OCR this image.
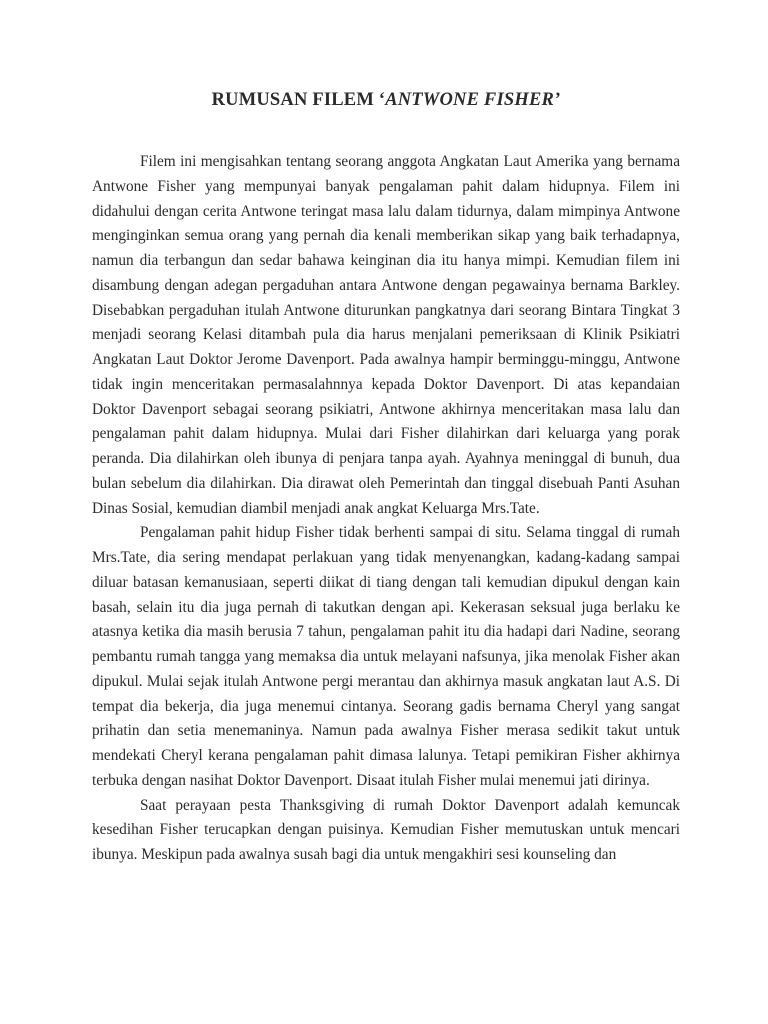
RUMUSAN FILEM ‘ANTWONE FISHER’

Filem ini mengisahkan tentang seorang anggota Angkatan Laut Amerika yang bernama Antwone Fisher yang mempunyai banyak pengalaman pahit dalam hidupnya. Filem ini didahului dengan cerita Antwone teringat masa lalu dalam tidurnya, dalam mimpinya Antwone menginginkan semua orang yang pernah dia kenali memberikan sikap yang baik terhadapnya, namun dia terbangun dan sedar bahawa keinginan dia itu hanya mimpi. Kemudian filem ini disambung dengan adegan pergaduhan antara Antwone dengan pegawainya bernama Barkley. Disebabkan pergaduhan itulah Antwone diturunkan pangkatnya dari seorang Bintara Tingkat 3 menjadi seorang Kelasi ditambah pula dia harus menjalani pemeriksaan di Klinik Psikiatri Angkatan Laut Doktor Jerome Davenport. Pada awalnya hampir berminggu-minggu, Antwone tidak ingin menceritakan permasalahnnya kepada Doktor Davenport. Di atas kepandaian Doktor Davenport sebagai seorang psikiatri, Antwone akhirnya menceritakan masa lalu dan pengalaman pahit dalam hidupnya. Mulai dari Fisher dilahirkan dari keluarga yang porak peranda. Dia dilahirkan oleh ibunya di penjara tanpa ayah. Ayahnya meninggal di bunuh, dua bulan sebelum dia dilahirkan. Dia dirawat oleh Pemerintah dan tinggal disebuah Panti Asuhan Dinas Sosial, kemudian diambil menjadi anak angkat Keluarga Mrs.Tate.

Pengalaman pahit hidup Fisher tidak berhenti sampai di situ. Selama tinggal di rumah Mrs.Tate, dia sering mendapat perlakuan yang tidak menyenangkan, kadang-kadang sampai diluar batasan kemanusiaan, seperti diikat di tiang dengan tali kemudian dipukul dengan kain basah, selain itu dia juga pernah di takutkan dengan api. Kekerasan seksual juga berlaku ke atasnya ketika dia masih berusia 7 tahun, pengalaman pahit itu dia hadapi dari Nadine, seorang pembantu rumah tangga yang memaksa dia untuk melayani nafsunya, jika menolak Fisher akan dipukul. Mulai sejak itulah Antwone pergi merantau dan akhirnya masuk angkatan laut A.S. Di tempat dia bekerja, dia juga menemui cintanya. Seorang gadis bernama Cheryl yang sangat prihatin dan setia menemaninya. Namun pada awalnya Fisher merasa sedikit takut untuk mendekati Cheryl kerana pengalaman pahit dimasa lalunya. Tetapi pemikiran Fisher akhirnya terbuka dengan nasihat Doktor Davenport. Disaat itulah Fisher mulai menemui jati dirinya.

Saat perayaan pesta Thanksgiving di rumah Doktor Davenport adalah kemuncak kesedihan Fisher terucapkan dengan puisinya. Kemudian Fisher memutuskan untuk mencari ibunya. Meskipun pada awalnya susah bagi dia untuk mengakhiri sesi kounseling dan
